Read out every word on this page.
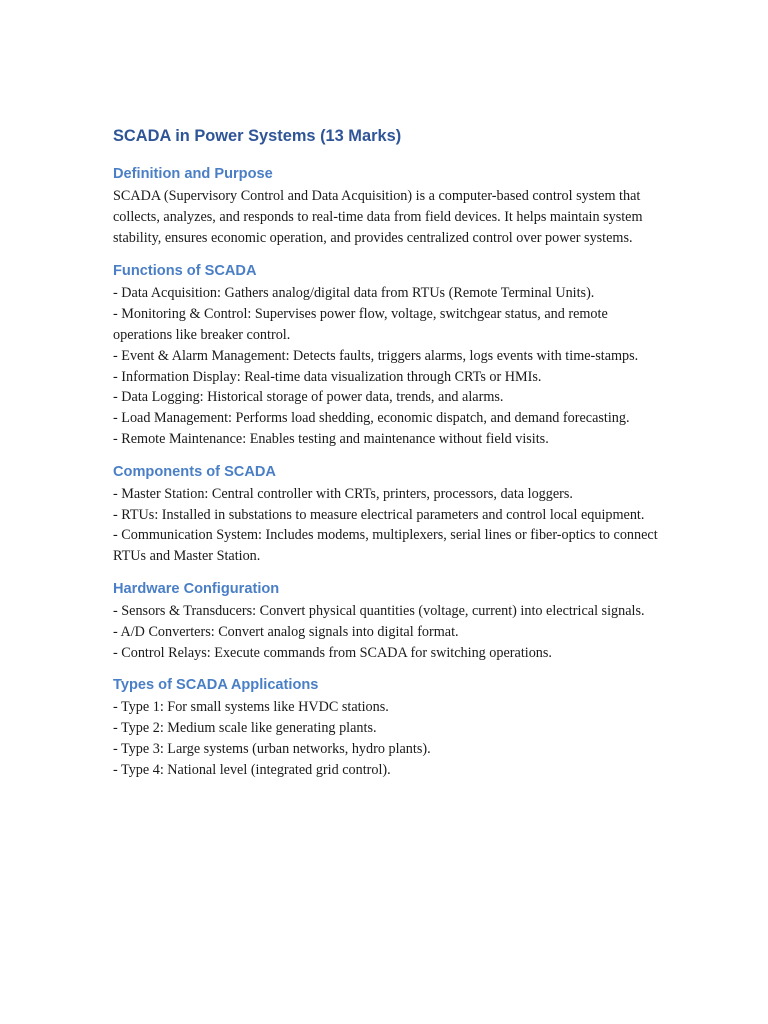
SCADA in Power Systems (13 Marks)
Definition and Purpose

SCADA (Supervisory Control and Data Acquisition) is a computer-based control system that collects, analyzes, and responds to real-time data from field devices. It helps maintain system stability, ensures economic operation, and provides centralized control over power systems.

Functions of SCADA
- Data Acquisition: Gathers analog/digital data from RTUs (Remote Terminal Units).
- Monitoring & Control: Supervises power flow, voltage, switchgear status, and remote operations like breaker control.
- Event & Alarm Management: Detects faults, triggers alarms, logs events with time-stamps.
- Information Display: Real-time data visualization through CRTs or HMIs.
- Data Logging: Historical storage of power data, trends, and alarms.
- Load Management: Performs load shedding, economic dispatch, and demand forecasting.
- Remote Maintenance: Enables testing and maintenance without field visits.
Components of SCADA
- Master Station: Central controller with CRTs, printers, processors, data loggers.
- RTUs: Installed in substations to measure electrical parameters and control local equipment.
- Communication System: Includes modems, multiplexers, serial lines or fiber-optics to connect RTUs and Master Station.
Hardware Configuration
- Sensors & Transducers: Convert physical quantities (voltage, current) into electrical signals.
- A/D Converters: Convert analog signals into digital format.
- Control Relays: Execute commands from SCADA for switching operations.
Types of SCADA Applications
- Type 1: For small systems like HVDC stations.
- Type 2: Medium scale like generating plants.
- Type 3: Large systems (urban networks, hydro plants).
- Type 4: National level (integrated grid control).
